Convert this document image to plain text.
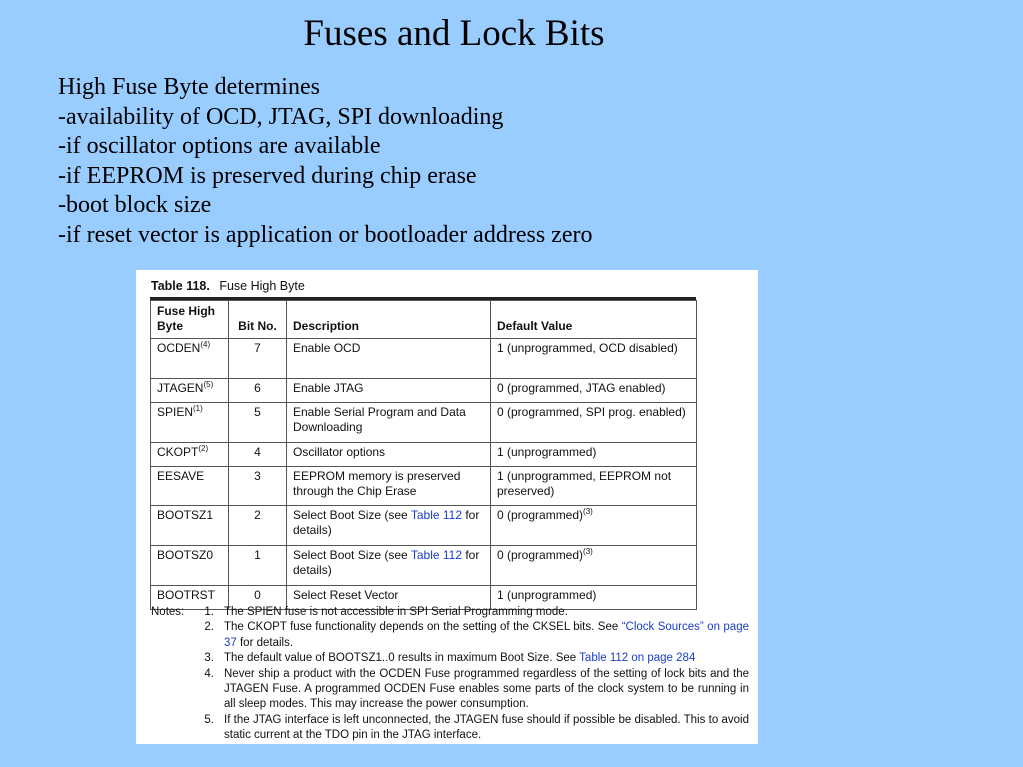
Fuses and Lock Bits
High Fuse Byte determines
-availability of OCD, JTAG, SPI downloading
-if oscillator options are available
-if EEPROM is preserved during chip erase
-boot block size
-if reset vector is application or bootloader address zero
Table 118. Fuse High Byte
Fuse High
Byte	Bit No.	Description	Default Value
OCDEN$^{(4)}$	7	Enable OCD	1 (unprogrammed, OCD disabled)
JTAGEN$^{(5)}$	6	Enable JTAG	0 (programmed, JTAG enabled)
SPIEN$^{(1)}$	5	Enable Serial Program and Data Downloading	0 (programmed, SPI prog. enabled)
CKOPT$^{(2)}$	4	Oscillator options	1 (unprogrammed)
EESAVE	3	EEPROM memory is preserved through the Chip Erase	1 (unprogrammed, EEPROM not preserved)
BOOTSZ1	2	Select Boot Size (see Table 112 for details)	0 (programmed)$^{(3)}$
BOOTSZ0	1	Select Boot Size (see Table 112 for details)	0 (programmed)$^{(3)}$
BOOTRST	0	Select Reset Vector	1 (unprogrammed)
Notes:	1. The SPIEN fuse is not accessible in SPI Serial Programming mode.
2. The CKOPT fuse functionality depends on the setting of the CKSEL bits. See “Clock Sources” on page 37 for details.
3. The default value of BOOTSZ1..0 results in maximum Boot Size. See Table 112 on page 284
4. Never ship a product with the OCDEN Fuse programmed regardless of the setting of lock bits and the JTAGEN Fuse. A programmed OCDEN Fuse enables some parts of the clock system to be running in all sleep modes. This may increase the power consumption.
5. If the JTAG interface is left unconnected, the JTAGEN fuse should if possible be disabled. This to avoid static current at the TDO pin in the JTAG interface.
